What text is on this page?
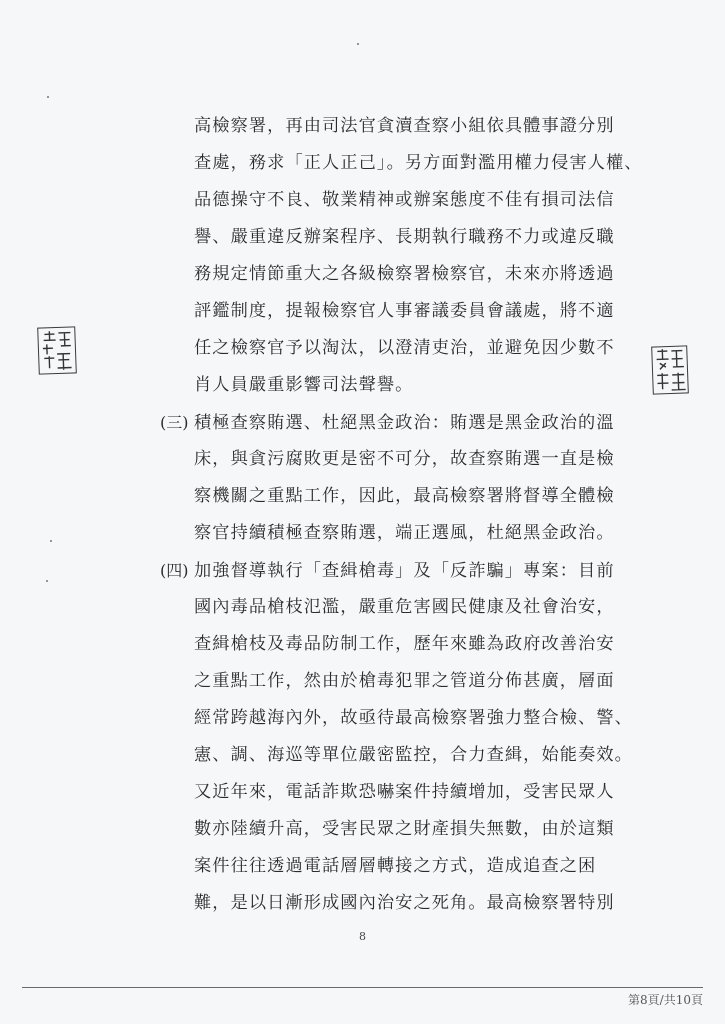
高檢察署，再由司法官貪瀆查察小組依具體事證分別
查處，務求「正人正己」。另方面對濫用權力侵害人權、
品德操守不良、敬業精神或辦案態度不佳有損司法信
譽、嚴重違反辦案程序、長期執行職務不力或違反職
務規定情節重大之各級檢察署檢察官，未來亦將透過
評鑑制度，提報檢察官人事審議委員會議處，將不適
任之檢察官予以淘汰，以澄清吏治，並避免因少數不
肖人員嚴重影響司法聲譽。
(三) 積極查察賄選、杜絕黑金政治：賄選是黑金政治的溫
床，與貪污腐敗更是密不可分，故查察賄選一直是檢
察機關之重點工作，因此，最高檢察署將督導全體檢
察官持續積極查察賄選，端正選風，杜絕黑金政治。
(四) 加強督導執行「查緝槍毒」及「反詐騙」專案：目前
國內毒品槍枝氾濫，嚴重危害國民健康及社會治安，
查緝槍枝及毒品防制工作，歷年來雖為政府改善治安
之重點工作，然由於槍毒犯罪之管道分佈甚廣，層面
經常跨越海內外，故亟待最高檢察署強力整合檢、警、
憲、調、海巡等單位嚴密監控，合力查緝，始能奏效。
又近年來，電話詐欺恐嚇案件持續增加，受害民眾人
數亦陸續升高，受害民眾之財產損失無數，由於這類
案件往往透過電話層層轉接之方式，造成追查之困
難，是以日漸形成國內治安之死角。最高檢察署特別
8
第8頁/共10頁
